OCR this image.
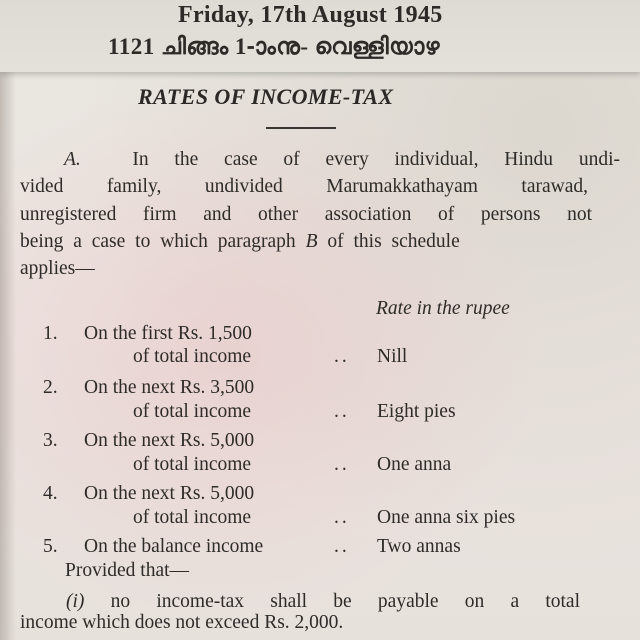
Friday, 17th August 1945
1121 ചിങ്ങം 1-ാംനു- വെള്ളിയാഴ
RATES OF INCOME-TAX
A.	In the case of every individual, Hindu undi-
vided family, undivided Marumakkathayam tarawad,
unregistered firm and other association of persons not
being a case to which paragraph B of this schedule
applies—
Rate in the rupee
1. On the first Rs. 1,500
of total income	.. Nill
2. On the next Rs. 3,500
of total income	.. Eight pies
3. On the next Rs. 5,000
of total income	.. One anna
4. On the next Rs. 5,000
of total income	.. One anna six pies
5. On the balance income	.. Two annas
Provided that—
(i) no income-tax shall be payable on a total
income which does not exceed Rs. 2,000.
